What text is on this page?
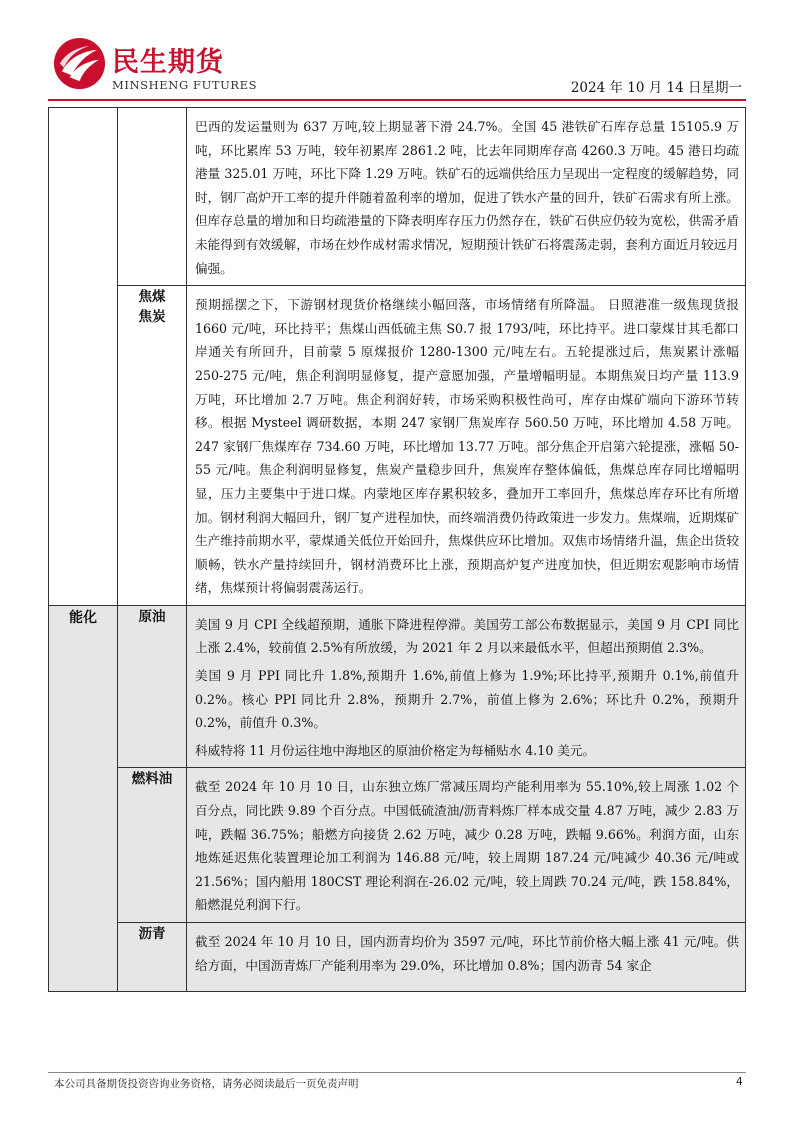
民生期货
MINSHENG FUTURES	2024 年 10 月 14 日星期一

		巴西的发运量则为 637 万吨,较上期显著下滑 24.7%。全国 45 港铁矿石库存总量 15105.9 万吨，环比累库 53 万吨，较年初累库 2861.2 吨，比去年同期库存高 4260.3 万吨。45 港日均疏港量 325.01 万吨，环比下降 1.29 万吨。铁矿石的远端供给压力呈现出一定程度的缓解趋势，同时，钢厂高炉开工率的提升伴随着盈利率的增加，促进了铁水产量的回升，铁矿石需求有所上涨。但库存总量的增加和日均疏港量的下降表明库存压力仍然存在，铁矿石供应仍较为宽松，供需矛盾未能得到有效缓解，市场在炒作成材需求情况，短期预计铁矿石将震荡走弱，套利方面近月较远月偏强。

	焦煤
焦炭	预期摇摆之下，下游钢材现货价格继续小幅回落，市场情绪有所降温。 日照港准一级焦现货报 1660 元/吨，环比持平；焦煤山西低硫主焦 S0.7 报 1793/吨，环比持平。进口蒙煤甘其毛都口岸通关有所回升，目前蒙 5 原煤报价 1280-1300 元/吨左右。五轮提涨过后，焦炭累计涨幅 250-275 元/吨，焦企利润明显修复，提产意愿加强，产量增幅明显。本期焦炭日均产量 113.9 万吨，环比增加 2.7 万吨。焦企利润好转，市场采购积极性尚可，库存由煤矿端向下游环节转移。根据 Mysteel 调研数据，本期 247 家钢厂焦炭库存 560.50 万吨，环比增加 4.58 万吨。247 家钢厂焦煤库存 734.60 万吨，环比增加 13.77 万吨。部分焦企开启第六轮提涨，涨幅 50-55 元/吨。焦企利润明显修复，焦炭产量稳步回升，焦炭库存整体偏低，焦煤总库存同比增幅明显，压力主要集中于进口煤。内蒙地区库存累积较多，叠加开工率回升，焦煤总库存环比有所增加。钢材利润大幅回升，钢厂复产进程加快，而终端消费仍待政策进一步发力。焦煤端，近期煤矿生产维持前期水平，蒙煤通关低位开始回升，焦煤供应环比增加。双焦市场情绪升温，焦企出货较顺畅，铁水产量持续回升，钢材消费环比上涨，预期高炉复产进度加快，但近期宏观影响市场情绪，焦煤预计将偏弱震荡运行。

能化	原油	美国 9 月 CPI 全线超预期，通胀下降进程停滞。美国劳工部公布数据显示，美国 9 月 CPI 同比上涨 2.4%，较前值 2.5%有所放缓，为 2021 年 2 月以来最低水平，但超出预期值 2.3%。

美国 9 月 PPI 同比升 1.8%,预期升 1.6%,前值上修为 1.9%;环比持平,预期升 0.1%,前值升 0.2%。核心 PPI 同比升 2.8%，预期升 2.7%，前值上修为 2.6%；环比升 0.2%，预期升 0.2%，前值升 0.3%。

科威特将 11 月份运往地中海地区的原油价格定为每桶贴水 4.10 美元。

	燃料油	截至 2024 年 10 月 10 日，山东独立炼厂常减压周均产能利用率为 55.10%,较上周涨 1.02 个百分点，同比跌 9.89 个百分点。中国低硫渣油/沥青料炼厂样本成交量 4.87 万吨，减少 2.83 万吨，跌幅 36.75%；船燃方向接货 2.62 万吨，减少 0.28 万吨，跌幅 9.66%。利润方面，山东地炼延迟焦化装置理论加工利润为 146.88 元/吨，较上周期 187.24 元/吨减少 40.36 元/吨或 21.56%；国内船用 180CST 理论利润在-26.02 元/吨，较上周跌 70.24 元/吨，跌 158.84%，船燃混兑利润下行。

	沥青	截至 2024 年 10 月 10 日，国内沥青均价为 3597 元/吨，环比节前价格大幅上涨 41 元/吨。供给方面，中国沥青炼厂产能利用率为 29.0%，环比增加 0.8%；国内沥青 54 家企

本公司具备期货投资咨询业务资格，请务必阅读最后一页免责声明	4
